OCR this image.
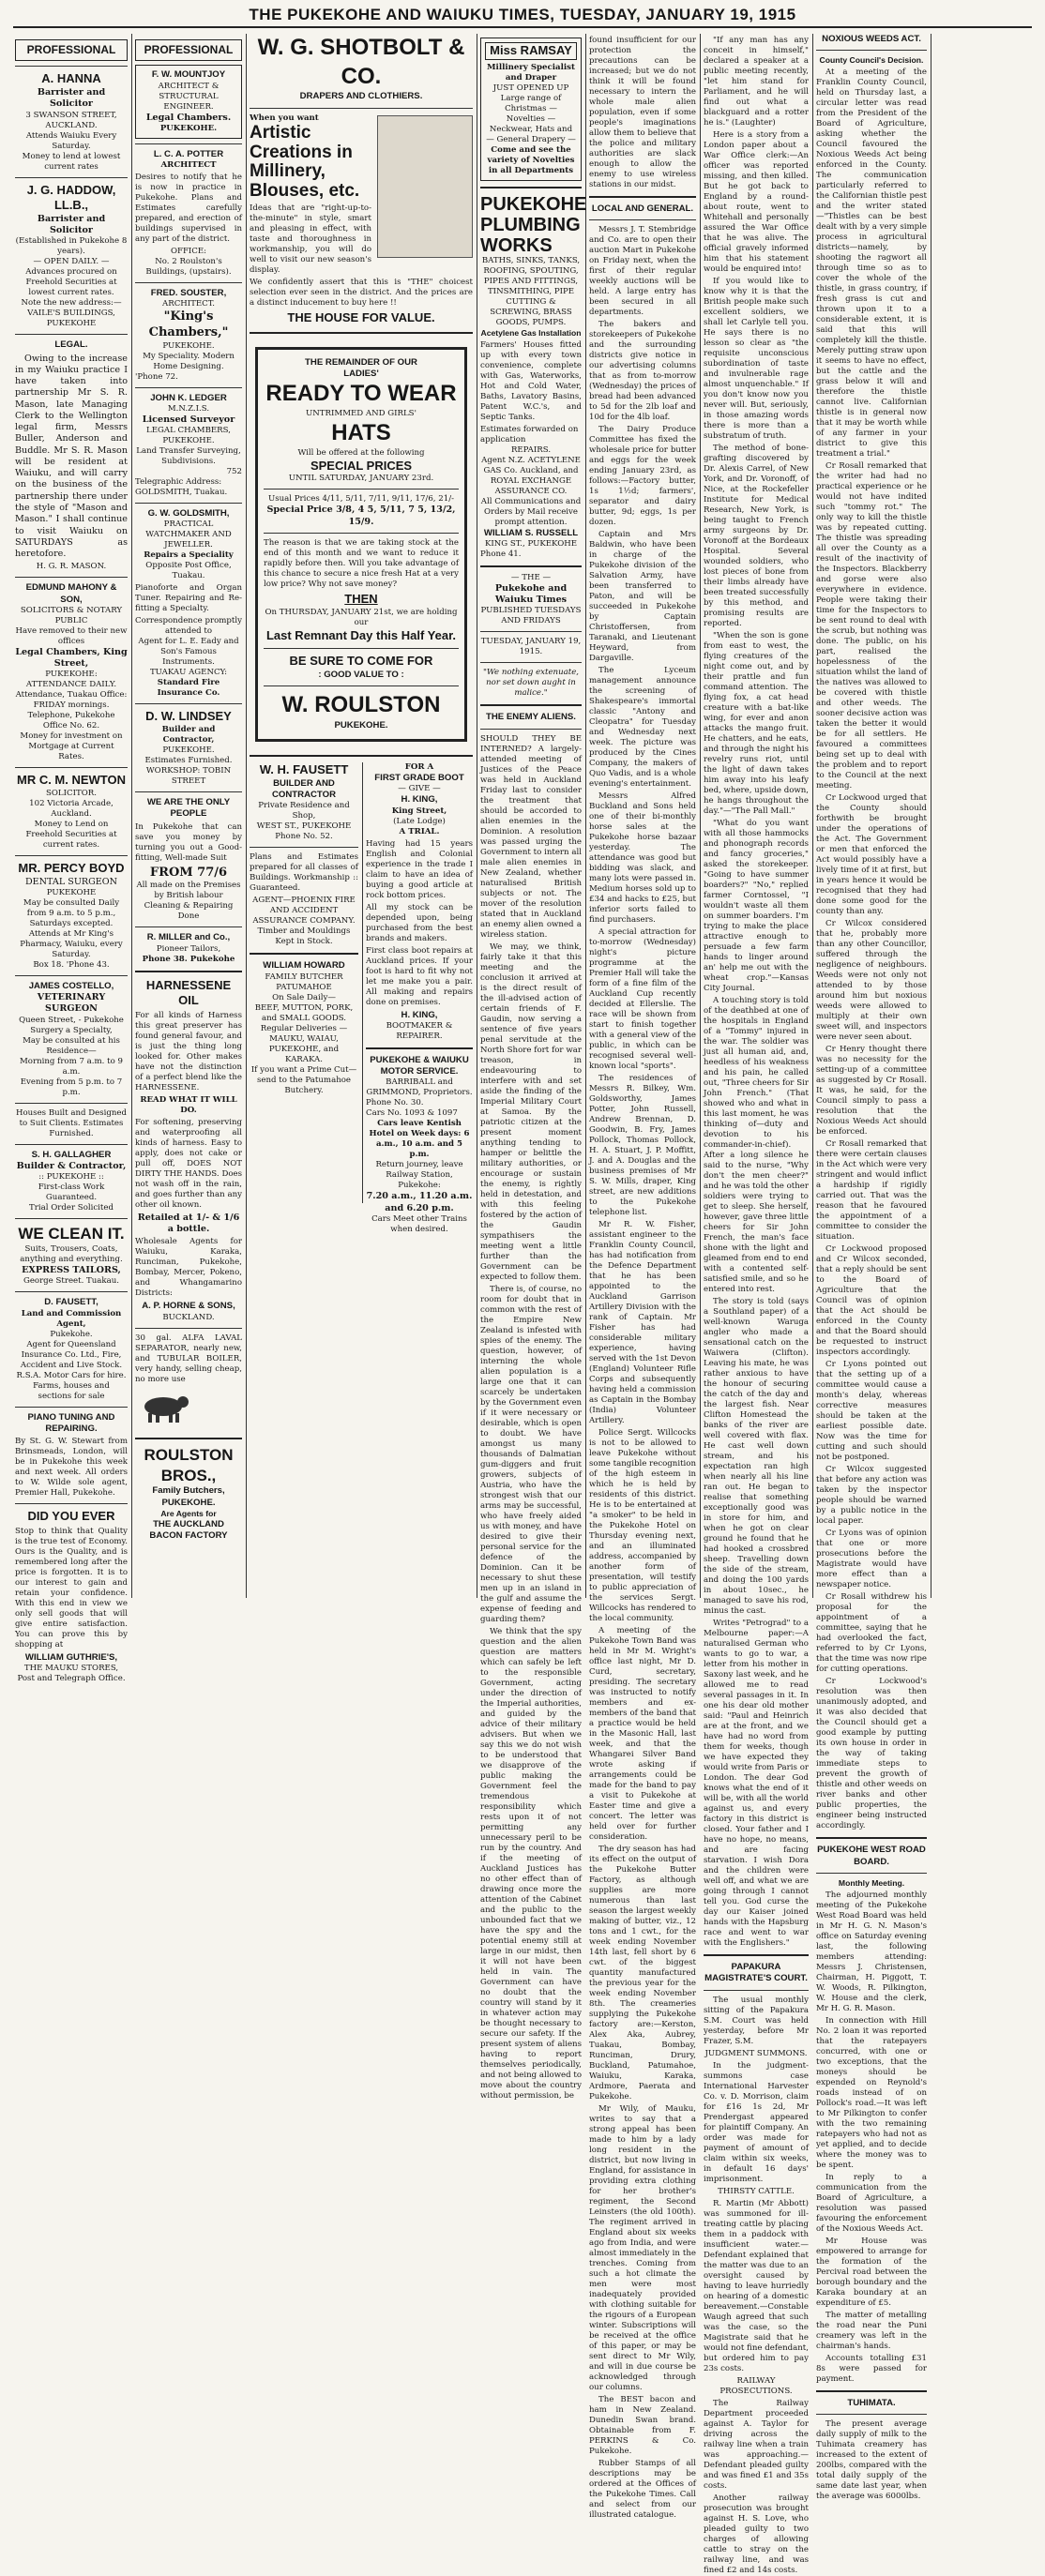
THE PUKEKOHE AND WAIUKU TIMES, TUESDAY, JANUARY 19, 1915
PROFESSIONAL
A. HANNA
Barrister and Solicitor
3 SWANSON STREET, AUCKLAND.
Attends Waiuku Every Saturday.
Money to lend at lowest current rates
J. G. HADDOW, LL.B.,
Barrister and Solicitor
(Established in Pukekohe 8 years).
— OPEN DAILY. —
Advances procured on Freehold Securities at lowest current rates.
Note the new address:—
VAILE'S BUILDINGS, PUKEKOHE
LEGAL.

Owing to the increase in my Waiuku practice I have taken into partnership Mr S. R. Mason, late Managing Clerk to the Wellington legal firm, Messrs Buller, Anderson and Buddle. Mr S. R. Mason will be resident at Waiuku, and will carry on the business of the partnership there under the style of "Mason and Mason." I shall continue to visit Waiuku on SATURDAYS as heretofore.

H. G. R. MASON.
EDMUND MAHONY & SON,
SOLICITORS & NOTARY PUBLIC
Have removed to their new offices
Legal Chambers, King Street,
PUKEKOHE:
ATTENDANCE DAILY.
Attendance, Tuakau Office: FRIDAY mornings. Telephone, Pukekohe Office No. 62.
Money for investment on Mortgage at Current Rates.
MR C. M. NEWTON
SOLICITOR.
102 Victoria Arcade, Auckland.
Money to Lend on Freehold Securities at current rates.
MR. PERCY BOYD
DENTAL SURGEON
PUKEKOHE
May be consulted Daily from 9 a.m. to 5 p.m., Saturdays excepted.
Attends at Mr King's Pharmacy, Waiuku, every Saturday.
Box 18. 'Phone 43.
JAMES COSTELLO,
VETERINARY SURGEON
Queen Street, - Pukekohe
Surgery a Specialty,
May be consulted at his Residence—
Morning from 7 a.m. to 9 a.m.
Evening from 5 p.m. to 7 p.m.
Houses Built and Designed to Suit Clients. Estimates Furnished.
S. H. GALLAGHER
Builder & Contractor,
:: PUKEKOHE ::
First-class Work Guaranteed.
Trial Order Solicited
WE CLEAN IT.
Suits, Trousers, Coats, anything and everything.
EXPRESS TAILORS,
George Street. Tuakau.
D. FAUSETT,
Land and Commission Agent,
Pukekohe.
Agent for Queensland Insurance Co. Ltd., Fire, Accident and Live Stock.
R.S.A. Motor Cars for hire.
Farms, houses and sections for sale
PIANO TUNING AND REPAIRING.

By St. G. W. Stewart from Brinsmeads, London, will be in Pukekohe this week and next week. All orders to W. Wilde sole agent, Premier Hall, Pukekohe.

DID YOU EVER

Stop to think that Quality is the true test of Economy. Ours is the Quality, and is remembered long after the price is forgotten. It is to our interest to gain and retain your confidence. With this end in view we only sell goods that will give entire satisfaction. You can prove this by shopping at

WILLIAM GUTHRIE'S,
THE MAUKU STORES,
Post and Telegraph Office.
PROFESSIONAL
F. W. MOUNTJOY
ARCHITECT & STRUCTURAL ENGINEER.
Legal Chambers.
PUKEKOHE.
L. C. A. POTTER
ARCHITECT

Desires to notify that he is now in practice in Pukekohe. Plans and Estimates carefully prepared, and erection of buildings supervised in any part of the district.

OFFICE:
No. 2 Roulston's Buildings, (upstairs).
FRED. SOUSTER,
ARCHITECT.
"King's Chambers,"
PUKEKOHE.
My Speciality. Modern Home Designing.
'Phone 72.
JOHN K. LEDGER
M.N.Z.I.S.
Licensed Surveyor
LEGAL CHAMBERS,
PUKEKOHE.
Land Transfer Surveying, Subdivisions.
752
Telegraphic Address: GOLDSMITH, Tuakau.
G. W. GOLDSMITH,
PRACTICAL WATCHMAKER AND JEWELLER.
Repairs a Speciality
Opposite Post Office, Tuakau.

Pianoforte and Organ Tuner. Repairing and Re-fitting a Specialty.

Correspondence promptly attended to
Agent for L. E. Eady and Son's Famous Instruments.
TUAKAU AGENCY:
Standard Fire Insurance Co.
D. W. LINDSEY
Builder and Contractor,
PUKEKOHE.
Estimates Furnished.
WORKSHOP: TOBIN STREET
WE ARE THE ONLY PEOPLE

In Pukekohe that can save you money by turning you out a Good-fitting, Well-made Suit

FROM 77/6
All made on the Premises by British labour
Cleaning & Repairing Done
R. MILLER and Co.,
Pioneer Tailors,
Phone 38. Pukekohe
HARNESSENE OIL

For all kinds of Harness this great preserver has found general favour, and is just the thing long looked for. Other makes have not the distinction of a perfect blend like the HARNESSENE.

READ WHAT IT WILL DO.

For softening, preserving and waterproofing all kinds of harness. Easy to apply, does not cake or pull off, DOES NOT DIRTY THE HANDS. Does not wash off in the rain, and goes further than any other oil known.

Retailed at 1/- & 1/6 a bottle.

Wholesale Agents for Waiuku, Karaka, Runciman, Pukekohe, Bombay, Mercer, Pokeno, and Whangamarino Districts:

A. P. HORNE & SONS,
BUCKLAND.

30 gal. ALFA LAVAL SEPARATOR, nearly new, and TUBULAR BOILER, very handy, selling cheap, no more use

ROULSTON BROS.,
Family Butchers,
PUKEKOHE.
Are Agents for
THE AUCKLAND
BACON FACTORY
W. G. SHOTBOLT & CO.
DRAPERS AND CLOTHIERS.
When you want
Artistic Creations in Millinery, Blouses, etc.

Ideas that are "right-up-to-the-minute" in style, smart and pleasing in effect, with taste and thoroughness in workmanship, you will do well to visit our new season's display.

We confidently assert that this is "THE" choicest selection ever seen in the district. And the prices are a distinct inducement to buy here !!

THE HOUSE FOR VALUE.
THE REMAINDER OF OUR
LADIES'
READY TO WEAR
UNTRIMMED AND GIRLS'
HATS
Will be offered at the following
SPECIAL PRICES
UNTIL SATURDAY, JANUARY 23rd.
Usual Prices 4/11, 5/11, 7/11, 9/11, 17/6, 21/-
Special Price 3/8, 4 5, 5/11, 7 5, 13/2, 15/9.

The reason is that we are taking stock at the end of this month and we want to reduce it rapidly before then. Will you take advantage of this chance to secure a nice fresh Hat at a very low price? Why not save money?

THEN
On THURSDAY, JANUARY 21st, we are holding our
Last Remnant Day this Half Year.
BE SURE TO COME FOR
: GOOD VALUE TO :
W. ROULSTON
PUKEKOHE.
W. H. FAUSETT
BUILDER AND CONTRACTOR
Private Residence and Shop,
WEST ST., PUKEKOHE
Phone No. 52.

Plans and Estimates prepared for all classes of Buildings. Workmanship :: Guaranteed.

AGENT—PHOENIX FIRE AND ACCIDENT ASSURANCE COMPANY.
Timber and Mouldings Kept in Stock.
WILLIAM HOWARD
FAMILY BUTCHER
PATUMAHOE
On Sale Daily—
BEEF, MUTTON, PORK, and SMALL GOODS.
Regular Deliveries — MAUKU, WAIAU, PUKEKOHE, and KARAKA.
If you want a Prime Cut—send to the Patumahoe Butchery.
FOR A
FIRST GRADE BOOT
— GIVE —
H. KING,
King Street,
(Late Lodge)
A TRIAL.

Having had 15 years English and Colonial experience in the trade I claim to have an idea of buying a good article at rock bottom prices.

All my stock can be depended upon, being purchased from the best brands and makers.

First class boot repairs at Auckland prices. If your foot is hard to fit why not let me make you a pair. All making and repairs done on premises.

H. KING,
BOOTMAKER & REPAIRER.
PUKEKOHE & WAIUKU MOTOR SERVICE.
BARRIBALL and GRIMMOND, Proprietors.
Phone No. 30.
Cars No. 1093 & 1097
Cars leave Kentish Hotel on Week days: 6 a.m., 10 a.m. and 5 p.m.
Return journey, leave Railway Station, Pukekohe:
7.20 a.m., 11.20 a.m. and 6.20 p.m.
Cars Meet other Trains when desired.
Miss RAMSAY
Millinery Specialist and Draper
JUST OPENED UP
Large range of Christmas — Novelties —
Neckwear, Hats and — General Drapery —
Come and see the variety of Novelties in all Departments
PUKEKOHE PLUMBING WORKS
BATHS, SINKS, TANKS, ROOFING, SPOUTING, PIPES AND FITTINGS, TINSMITHING, PIPE CUTTING & SCREWING, BRASS GOODS, PUMPS.
Acetylene Gas Installation

Farmers' Houses fitted up with every town convenience, complete with Gas, Waterworks, Hot and Cold Water, Baths, Lavatory Basins, Patent W.C.'s, and Septic Tanks.

Estimates forwarded on application
REPAIRS.
Agent N.Z. ACETYLENE GAS Co. Auckland, and ROYAL EXCHANGE ASSURANCE CO.
All Communications and Orders by Mail receive prompt attention.
WILLIAM S. RUSSELL
KING ST., PUKEKOHE
Phone 41.
— THE —
Pukekohe and Waiuku Times
PUBLISHED TUESDAYS AND FRIDAYS
TUESDAY, JANUARY 19, 1915.
"We nothing extenuate, nor set down aught in malice."
THE ENEMY ALIENS.

SHOULD THEY BE INTERNED? A largely-attended meeting of Justices of the Peace was held in Auckland Friday last to consider the treatment that should be accorded to alien enemies in the Dominion. A resolution was passed urging the Government to intern all male alien enemies in New Zealand, whether naturalised British subjects or not. The mover of the resolution stated that in Auckland an enemy alien owned a wireless station.

We may, we think, fairly take it that this meeting and the conclusion it arrived at is the direct result of the ill-advised action of certain friends of F. Gaudin, now serving a sentence of five years penal servitude at the North Shore fort for war treason, in endeavouring to interfere with and set aside the finding of the Imperial Military Court at Samoa. By the patriotic citizen at the present moment anything tending to hamper or belittle the military authorities, or encourage or sustain the enemy, is rightly held in detestation, and with this feeling fostered by the action of the Gaudin sympathisers the meeting went a little further than the Government can be expected to follow them.

There is, of course, no room for doubt that in common with the rest of the Empire New Zealand is infested with spies of the enemy. The question, however, of interning the whole alien population is a large one that it can scarcely be undertaken by the Government even if it were necessary or desirable, which is open to doubt. We have amongst us many thousands of Dalmatian gum-diggers and fruit growers, subjects of Austria, who have the strongest wish that our arms may be successful, who have freely aided us with money, and have desired to give their personal service for the defence of the Dominion. Can it be necessary to shut these men up in an island in the gulf and assume the expense of feeding and guarding them?

We think that the spy question and the alien question are matters which can safely be left to the responsible Government, acting under the direction of the Imperial authorities, and guided by the advice of their military advisers. But when we say this we do not wish to be understood that we disapprove of the public making the Government feel the tremendous responsibility which rests upon it of not permitting any unnecessary peril to be run by the country. And if the meeting of Auckland Justices has no other effect than of drawing once more the attention of the Cabinet and the public to the unbounded fact that we have the spy and the potential enemy still at large in our midst, then it will not have been held in vain. The Government can have no doubt that the country will stand by it in whatever action may be thought necessary to secure our safety. If the present system of aliens having to report themselves periodically, and not being allowed to move about the country without permission, be

found insufficient for our protection the precautions can be increased; but we do not think it will be found necessary to intern the whole male alien population, even if some people's imaginations allow them to believe that the police and military authorities are slack enough to allow the enemy to use wireless stations in our midst.

LOCAL AND GENERAL.

Messrs J. T. Stembridge and Co. are to open their auction Mart in Pukekohe on Friday next, when the first of their regular weekly auctions will be held. A large entry has been secured in all departments.

The bakers and storekeepers of Pukekohe and the surrounding districts give notice in our advertising columns that as from to-morrow (Wednesday) the prices of bread had been advanced to 5d for the 2lb loaf and 10d for the 4lb loaf.

The Dairy Produce Committee has fixed the wholesale price for butter and eggs for the week ending January 23rd, as follows:—Factory butter, 1s 1½d; farmers', separator and dairy butter, 9d; eggs, 1s per dozen.

Captain and Mrs Baldwin, who have been in charge of the Pukekohe division of the Salvation Army, have been transferred to Paton, and will be succeeded in Pukekohe by Captain Christoffersen, from Taranaki, and Lieutenant Heyward, from Dargaville.

The Lyceum management announce the screening of Shakespeare's immortal classic "Antony and Cleopatra" for Tuesday and Wednesday next week. The picture was produced by the Cines Company, the makers of Quo Vadis, and is a whole evening's entertainment.

Messrs Alfred Buckland and Sons held one of their bi-monthly horse sales at the Pukekohe horse bazaar yesterday. The attendance was good but bidding was slack, and many lots were passed in. Medium horses sold up to £34 and hacks to £25, but inferior sorts failed to find purchasers.

A special attraction for to-morrow (Wednesday) night's picture programme at the Premier Hall will take the form of a fine film of the Auckland Cup recently decided at Ellerslie. The race will be shown from start to finish together with a general view of the public, in which can be recognised several well-known local "sports".

The residences of Messrs R. Bilkey, Wm. Goldsworthy, James Potter, John Russell, Andrew Brennan, D. Goodwin, B. Fry, James Pollock, Thomas Pollock, H. A. Stuart, J. P. Moffitt, J. and A. Douglas and the business premises of Mr S. W. Mills, draper, King street, are new additions to the Pukekohe telephone list.

Mr R. W. Fisher, assistant engineer to the Franklin County Council, has had notification from the Defence Department that he has been appointed to the Auckland Garrison Artillery Division with the rank of Captain. Mr Fisher has had considerable military experience, having served with the 1st Devon (England) Volunteer Rifle Corps and subsequently having held a commission as Captain in the Bombay (India) Volunteer Artillery.

Police Sergt. Willcocks is not to be allowed to leave Pukekohe without some tangible recognition of the high esteem in which he is held by residents of this district. He is to be entertained at "a smoker" to be held in the Pukekohe Hotel on Thursday evening next, and an illuminated address, accompanied by another form of presentation, will testify to public appreciation of the services Sergt. Willcocks has rendered to the local community.

A meeting of the Pukekohe Town Band was held in Mr M. Wright's office last night, Mr D. Curd, secretary, presiding. The secretary was instructed to notify members and ex-members of the band that a practice would be held in the Masonic Hall, last week, and that the Whangarei Silver Band wrote asking if arrangements could be made for the band to pay a visit to Pukekohe at Easter time and give a concert. The letter was held over for further consideration.

The dry season has had its effect on the output of the Pukekohe Butter Factory, as although supplies are more numerous than last season the largest weekly making of butter, viz., 12 tons and 1 cwt., for the week ending November 14th last, fell short by 6 cwt. of the biggest quantity manufactured the previous year for the week ending November 8th. The creameries supplying the Pukekohe factory are:—Kerston, Alex Aka, Aubrey, Tuakau, Bombay, Runciman, Drury, Buckland, Patumahoe, Waiuku, Karaka, Ardmore, Paerata and Pukekohe.

Mr Wily, of Mauku, writes to say that a strong appeal has been made to him by a lady long resident in the district, but now living in England, for assistance in providing extra clothing for her brother's regiment, the Second Leinsters (the old 100th). The regiment arrived in England about six weeks ago from India, and were almost immediately in the trenches. Coming from such a hot climate the men were most inadequately provided with clothing suitable for the rigours of a European winter. Subscriptions will be received at the office of this paper, or may be sent direct to Mr Wily, and will in due course be acknowledged through our columns.

The BEST bacon and ham in New Zealand. Dunedin Swan brand. Obtainable from F. PERKINS & Co. Pukekohe.

Rubber Stamps of all descriptions may be ordered at the Offices of the Pukekohe Times. Call and select from our illustrated catalogue.

"If any man has any conceit in himself," declared a speaker at a public meeting recently, "let him stand for Parliament, and he will find out what a blackguard and a rotter he is." (Laughter)

Here is a story from a London paper about a War Office clerk:—An officer was reported missing, and then killed. But he got back to England by a round-about route, went to Whitehall and personally assured the War Office that he was alive. The official gravely informed him that his statement would be enquired into!

If you would like to know why it is that the British people make such excellent soldiers, we shall let Carlyle tell you. He says there is no lesson so clear as "the requisite unconscious subordination of taste and invulnerable rage almost unquenchable." If you don't know now you never will. But, seriously, in those amazing words there is more than a substratum of truth.

The method of bone-grafting discovered by Dr. Alexis Carrel, of New York, and Dr. Voronoff, of Nice, at the Rockefeller Institute for Medical Research, New York, is being taught to French army surgeons by Dr. Voronoff at the Bordeaux Hospital. Several wounded soldiers, who lost pieces of bone from their limbs already have been treated successfully by this method, and promising results are reported.

"When the son is gone from east to west, the flying creatures of the night come out, and by their prattle and fun command attention. The flying fox, a cat head creature with a bat-like wing, for ever and anon attacks the mango fruit. He chatters, and he eats, and through the night his revelry runs riot, until the light of dawn takes him away into his leafy bed, where, upside down, he hangs throughout the day."—"The Pall Mall."

"What do you want with all those hammocks and phonograph records and fancy groceries," asked the storekeeper. "Going to have summer boarders?" "No," replied farmer Corntossel, "I wouldn't waste all them on summer boarders. I'm trying to make the place attractive enough to persuade a few farm hands to linger around an' help me out with the wheat crop."—Kansas City Journal.

A touching story is told of the deathbed at one of the hospitals in England of a "Tommy" injured in the war. The soldier was just all human aid, and, heedless of his weakness and his pain, he called out, "Three cheers for Sir John French." (That showed who and what in this last moment, he was thinking of—duty and devotion to his commander-in-chief). After a long silence he said to the nurse, "Why don't the men cheer?" and he was told the other soldiers were trying to get to sleep. She herself, however, gave three little cheers for Sir John French, the man's face shone with the light and gleamed from end to end with a contented self-satisfied smile, and so he entered into rest.

The story is told (says a Southland paper) of a well-known Waruga angler who made a sensational catch on the Waiwera (Clifton). Leaving his mate, he was rather anxious to have the honour of securing the catch of the day and the largest fish. Near Clifton Homestead the banks of the river are well covered with flax. He cast well down stream, and his expectation ran high when nearly all his line ran out. He began to realise that something exceptionally good was in store for him, and when he got on clear ground he found that he had hooked a crossbred sheep. Travelling down the side of the stream, and doing the 100 yards in about 10sec., he managed to save his rod, minus the cast.

Writes "Petrograd" to a Melbourne paper:—A naturalised German who wants to go to war, a letter from his mother in Saxony last week, and he allowed me to read several passages in it. In one his dear old mother said: "Paul and Heinrich are at the front, and we have had no word from them for weeks, though we have expected they would write from Paris or London. The dear God knows what the end of it will be, with all the world against us, and every factory in this district is closed. Your father and I have no hope, no means, and are facing starvation. I wish Dora and the children were well off, and what we are going through I cannot tell you. God curse the day our Kaiser joined hands with the Hapsburg race and went to war with the Englishers."

PAPAKURA MAGISTRATE'S COURT.

The usual monthly sitting of the Papakura S.M. Court was held yesterday, before Mr Frazer, S.M.

JUDGMENT SUMMONS.

In the judgment-summons case International Harvester Co. v. D. Morrison, claim for £16 1s 2d, Mr Prendergast appeared for plaintiff Company. An order was made for payment of amount of claim within six weeks, in default 16 days' imprisonment.

THIRSTY CATTLE.

R. Martin (Mr Abbott) was summoned for ill-treating cattle by placing them in a paddock with insufficient water.—Defendant explained that the matter was due to an oversight caused by having to leave hurriedly on hearing of a domestic bereavement.—Constable Waugh agreed that such was the case, so the Magistrate said that he would not fine defendant, but ordered him to pay 23s costs.

RAILWAY PROSECUTIONS.

The Railway Department proceeded against A. Taylor for driving across the railway line when a train was approaching.—Defendant pleaded guilty and was fined £1 and 35s costs.

Another railway prosecution was brought against H. S. Love, who pleaded guilty to two charges of allowing cattle to stray on the railway line, and was fined £2 and 14s costs.

NOXIOUS WEEDS ACT.
County Council's Decision.

At a meeting of the Franklin County Council, held on Thursday last, a circular letter was read from the President of the Board of Agriculture, asking whether the Council favoured the Noxious Weeds Act being enforced in the County. The communication particularly referred to the Californian thistle pest and the writer stated—"Thistles can be best dealt with by a very simple process in agricultural districts—namely, by shooting the ragwort all through time so as to cover the whole of the thistle, in grass country, if fresh grass is cut and thrown upon it to a considerable extent, it is said that this will completely kill the thistle. Merely putting straw upon it seems to have no effect, but the cattle and the grass below it will and therefore the thistle cannot live. Californian thistle is in general now that it may be worth while of any farmer in your district to give this treatment a trial."

Cr Rosall remarked that the writer had had no practical experience or he would not have indited such "tommy rot." The only way to kill the thistle was by repeated cutting. The thistle was spreading all over the County as a result of the inactivity of the Inspectors. Blackberry and gorse were also everywhere in evidence. People were taking their time for the Inspectors to be sent round to deal with the scrub, but nothing was done. The public, on his part, realised the hopelessness of the situation whilst the land of the natives was allowed to be covered with thistle and other weeds. The sooner decisive action was taken the better it would be for all settlers. He favoured a committees being set up to deal with the problem and to report to the Council at the next meeting.

Cr Lockwood urged that the County should forthwith be brought under the operations of the Act. The Government or men that enforced the Act would possibly have a lively time of it at first, but in years hence it would be recognised that they had done some good for the county than any.

Cr Wilcox considered that he, probably more than any other Councillor, suffered through the negligence of neighbours. Weeds were not only not attended to by those around him but noxious weeds were allowed to multiply at their own sweet will, and inspectors were never seen about.

Cr Henry thought there was no necessity for the setting-up of a committee as suggested by Cr Rosall. It was, he said, for the Council simply to pass a resolution that the Noxious Weeds Act should be enforced.

Cr Rosall remarked that there were certain clauses in the Act which were very stringent and would inflict a hardship if rigidly carried out. That was the reason that he favoured the appointment of a committee to consider the situation.

Cr Lockwood proposed and Cr Wilcox seconded, that a reply should be sent to the Board of Agriculture that the Council was of opinion that the Act should be enforced in the County and that the Board should be requested to instruct inspectors accordingly.

Cr Lyons pointed out that the setting up of a committee would cause a month's delay, whereas corrective measures should be taken at the earliest possible date. Now was the time for cutting and such should not be postponed.

Cr Wilcox suggested that before any action was taken by the inspector people should be warned by a public notice in the local paper.

Cr Lyons was of opinion that one or more prosecutions before the Magistrate would have more effect than a newspaper notice.

Cr Rosall withdrew his proposal for the appointment of a committee, saying that he had overlooked the fact, referred to by Cr Lyons, that the time was now ripe for cutting operations.

Cr Lockwood's resolution was then unanimously adopted, and it was also decided that the Council should get a good example by putting its own house in order in the way of taking immediate steps to prevent the growth of thistle and other weeds on river banks and other public properties, the engineer being instructed accordingly.

PUKEKOHE WEST ROAD BOARD.
Monthly Meeting.

The adjourned monthly meeting of the Pukekohe West Road Board was held in Mr H. G. N. Mason's office on Saturday evening last, the following members attending: Messrs J. Christensen, Chairman, H. Piggott, T. W. Woods, R. Pilkington, W. House and the clerk, Mr H. G. R. Mason.

In connection with Hill No. 2 loan it was reported that the ratepayers concurred, with one or two exceptions, that the moneys should be expended on Reynold's roads instead of on Pollock's road.—It was left to Mr Pilkington to confer with the two remaining ratepayers who had not as yet applied, and to decide where the money was to be spent.

In reply to a communication from the Board of Agriculture, a resolution was passed favouring the enforcement of the Noxious Weeds Act.

Mr House was empowered to arrange for the formation of the Percival road between the borough boundary and the Karaka boundary at an expenditure of £5.

The matter of metalling the road near the Puni creamery was left in the chairman's hands.

Accounts totalling £31 8s were passed for payment.

TUHIMATA.

The present average daily supply of milk to the Tuhimata creamery has increased to the extent of 200lbs, compared with the total daily supply of the same date last year, when the average was 6000lbs.
